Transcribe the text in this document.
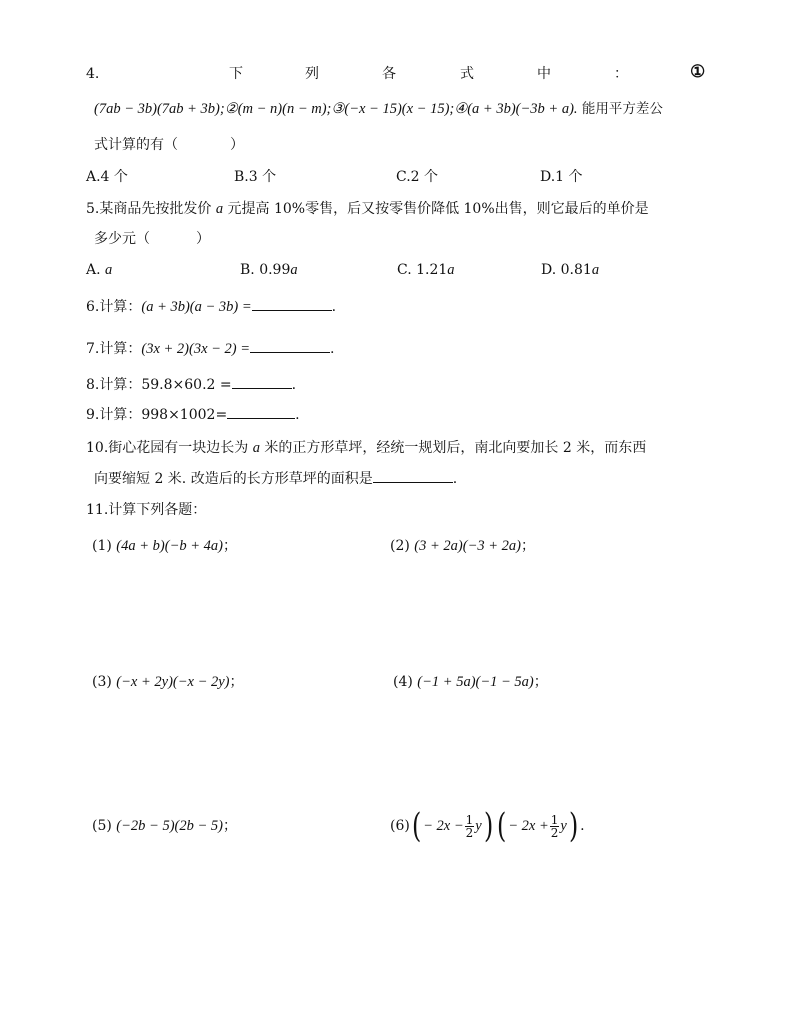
4.	下	列	各	式	中	：	①
(7ab − 3b)(7ab + 3b);②(m − n)(n − m);③(−x − 15)(x − 15);④(a + 3b)(−3b + a). 能用平方差公
式计算的有（	）
A.4 个	B.3 个	C.2 个	D.1 个
5.某商品先按批发价 a 元提高 10%零售，后又按零售价降低 10%出售，则它最后的单价是
多少元（	）
A. a	B. 0.99a	C. 1.21a	D. 0.81a
6.计算：(a + 3b)(a − 3b) =	.
7.计算：(3x + 2)(3x − 2) =	.
8.计算：59.8×60.2 =	.
9.计算：998×1002=	.
10.街心花园有一块边长为 a 米的正方形草坪，经统一规划后，南北向要加长 2 米，而东西
向要缩短 2 米. 改造后的长方形草坪的面积是	.
11.计算下列各题：
(1) (4a + b)(−b + 4a)；	(2) (3 + 2a)(−3 + 2a)；
(3) (−x + 2y)(−x − 2y)；	(4) (−1 + 5a)(−1 − 5a)；
(5) (−2b − 5)(2b − 5)；	$(6)( - 2x - \frac{1}{2} y)$ ( − $2x + \frac{1}{2} y$) .
